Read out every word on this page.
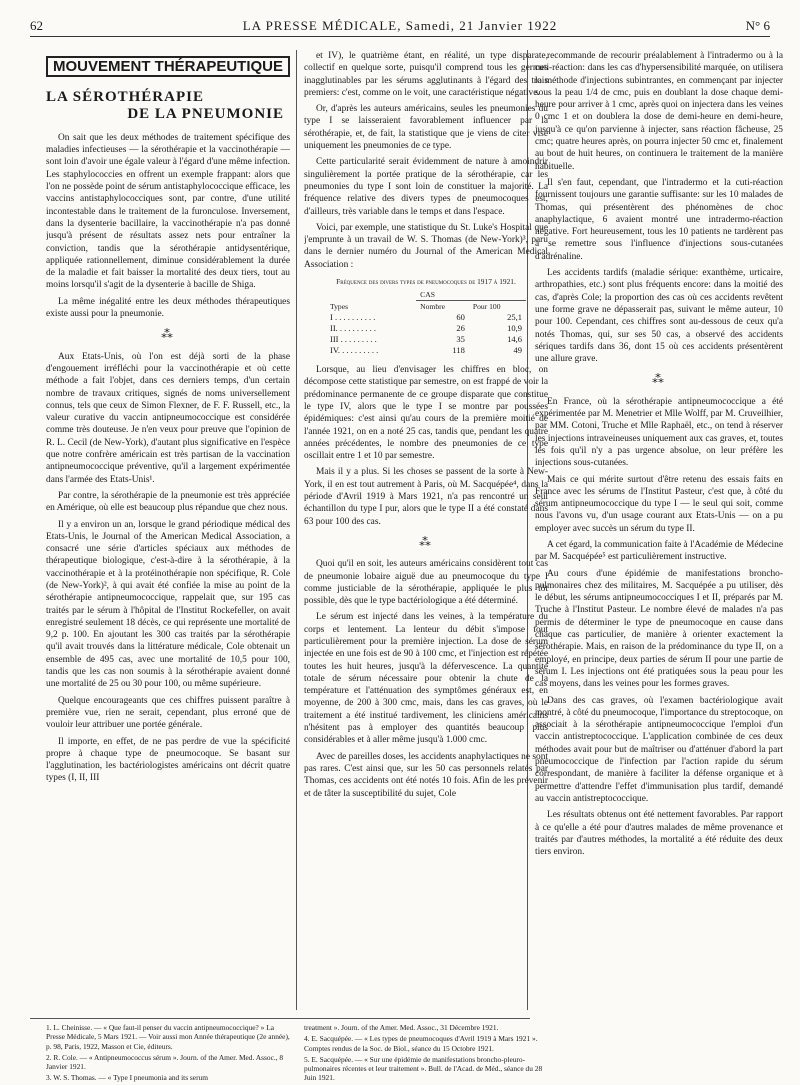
62	LA PRESSE MÉDICALE, Samedi, 21 Janvier 1922	N° 6
MOUVEMENT THÉRAPEUTIQUE
LA SÉROTHÉRAPIE
DE LA PNEUMONIE

On sait que les deux méthodes de traitement spécifique des maladies infectieuses — la sérothérapie et la vaccinothérapie — sont loin d'avoir une égale valeur à l'égard d'une même infection. Les staphylococcies en offrent un exemple frappant: alors que l'on ne possède point de sérum antistaphylococcique efficace, les vaccins antistaphylococciques sont, par contre, d'une utilité incontestable dans le traitement de la furonculose. Inversement, dans la dysenterie bacillaire, la vaccinothérapie n'a pas donné jusqu'à présent de résultats assez nets pour entraîner la conviction, tandis que la sérothérapie antidysentérique, appliquée rationnellement, diminue considérablement la durée de la maladie et fait baisser la mortalité des deux tiers, tout au moins lorsqu'il s'agit de la dysenterie à bacille de Shiga.

La même inégalité entre les deux méthodes thérapeutiques existe aussi pour la pneumonie.

⁂

Aux Etats-Unis, où l'on est déjà sorti de la phase d'engouement irréfléchi pour la vaccinothérapie et où cette méthode a fait l'objet, dans ces derniers temps, d'un certain nombre de travaux critiques, signés de noms universellement connus, tels que ceux de Simon Flexner, de F. F. Russell, etc., la valeur curative du vaccin antipneumococcique est considérée comme très douteuse. Je n'en veux pour preuve que l'opinion de R. L. Cecil (de New-York), d'autant plus significative en l'espèce que notre confrère américain est très partisan de la vaccination antipneumococcique préventive, qu'il a largement expérimentée dans l'armée des Etats-Unis¹.

Par contre, la sérothérapie de la pneumonie est très appréciée en Amérique, où elle est beaucoup plus répandue que chez nous.

Il y a environ un an, lorsque le grand périodique médical des Etats-Unis, le Journal of the American Medical Association, a consacré une série d'articles spéciaux aux méthodes de thérapeutique biologique, c'est-à-dire à la sérothérapie, à la vaccinothérapie et à la protéinothérapie non spécifique, R. Cole (de New-York)², à qui avait été confiée la mise au point de la sérothérapie antipneumococcique, rappelait que, sur 195 cas traités par le sérum à l'hôpital de l'Institut Rockefeller, on avait enregistré seulement 18 décès, ce qui représente une mortalité de 9,2 p. 100. En ajoutant les 300 cas traités par la sérothérapie qu'il avait trouvés dans la littérature médicale, Cole obtenait un ensemble de 495 cas, avec une mortalité de 10,5 pour 100, tandis que les cas non soumis à la sérothérapie avaient donné une mortalité de 25 ou 30 pour 100, ou même supérieure.

Quelque encourageants que ces chiffres puissent paraître à première vue, rien ne serait, cependant, plus erroné que de vouloir leur attribuer une portée générale.

Il importe, en effet, de ne pas perdre de vue la spécificité propre à chaque type de pneumocoque. Se basant sur l'agglutination, les bactériologistes américains ont décrit quatre types (I, II, III

et IV), le quatrième étant, en réalité, un type disparate, collectif en quelque sorte, puisqu'il comprend tous les germes inagglutinables par les sérums agglutinants à l'égard des trois premiers: c'est, comme on le voit, une caractéristique négative.

Or, d'après les auteurs américains, seules les pneumonies du type I se laisseraient favorablement influencer par la sérothérapie, et, de fait, la statistique que je viens de citer vise uniquement les pneumonies de ce type.

Cette particularité serait évidemment de nature à amoindrir singulièrement la portée pratique de la sérothérapie, car les pneumonies du type I sont loin de constituer la majorité. La fréquence relative des divers types de pneumocoques est, d'ailleurs, très variable dans le temps et dans l'espace.

Voici, par exemple, une statistique du St. Luke's Hospital que j'emprunte à un travail de W. S. Thomas (de New-York)³, paru dans le dernier numéro du Journal of the American Medical Association :

Fréquence des divers types de pneumocoques de 1917 à 1921.
	CAS	
Types	Nombre	Pour 100
I . . . . . . . . . .	60	25,1
II. . . . . . . . . .	26	10,9
III . . . . . . . . .	35	14,6
IV. . . . . . . . . .	118	49

Lorsque, au lieu d'envisager les chiffres en bloc, on décompose cette statistique par semestre, on est frappé de voir la prédominance permanente de ce groupe disparate que constitue le type IV, alors que le type I se montre par poussées épidémiques: c'est ainsi qu'au cours de la première moitié de l'année 1921, on en a noté 25 cas, tandis que, pendant les quatre années précédentes, le nombre des pneumonies de ce type oscillait entre 1 et 10 par semestre.

Mais il y a plus. Si les choses se passent de la sorte à New-York, il en est tout autrement à Paris, où M. Sacquépée⁴, dans la période d'Avril 1919 à Mars 1921, n'a pas rencontré un seul échantillon du type I pur, alors que le type II a été constaté dans 63 pour 100 des cas.

⁂

Quoi qu'il en soit, les auteurs américains considèrent tout cas de pneumonie lobaire aiguë due au pneumocoque du type I comme justiciable de la sérothérapie, appliquée le plus tôt possible, dès que le type bactériologique a été déterminé.

Le sérum est injecté dans les veines, à la température du corps et lentement. La lenteur du débit s'impose tout particulièrement pour la première injection. La dose de sérum injectée en une fois est de 90 à 100 cmc, et l'injection est répétée toutes les huit heures, jusqu'à la défervescence. La quantité totale de sérum nécessaire pour obtenir la chute de la température et l'atténuation des symptômes généraux est, en moyenne, de 200 à 300 cmc, mais, dans les cas graves, où le traitement a été institué tardivement, les cliniciens américains n'hésitent pas à employer des quantités beaucoup plus considérables et à aller même jusqu'à 1.000 cmc.

Avec de pareilles doses, les accidents anaphylactiques ne sont pas rares. C'est ainsi que, sur les 50 cas personnels relatés par Thomas, ces accidents ont été notés 10 fois. Afin de les prévenir et de tâter la susceptibilité du sujet, Cole

recommande de recourir préalablement à l'intradermo ou à la cuti-réaction: dans les cas d'hypersensibilité marquée, on utilisera la méthode d'injections subintrantes, en commençant par injecter sous la peau 1/4 de cmc, puis en doublant la dose chaque demi-heure pour arriver à 1 cmc, après quoi on injectera dans les veines 0 cmc 1 et on doublera la dose de demi-heure en demi-heure, jusqu'à ce qu'on parvienne à injecter, sans réaction fâcheuse, 25 cmc; quatre heures après, on pourra injecter 50 cmc et, finalement au bout de huit heures, on continuera le traitement de la manière habituelle.

Il s'en faut, cependant, que l'intradermo et la cuti-réaction fournissent toujours une garantie suffisante: sur les 10 malades de Thomas, qui présentèrent des phénomènes de choc anaphylactique, 6 avaient montré une intradermo-réaction négative. Fort heureusement, tous les 10 patients ne tardèrent pas à se remettre sous l'influence d'injections sous-cutanées d'adrénaline.

Les accidents tardifs (maladie sérique: exanthème, urticaire, arthropathies, etc.) sont plus fréquents encore: dans la moitié des cas, d'après Cole; la proportion des cas où ces accidents revêtent une forme grave ne dépasserait pas, suivant le même auteur, 10 pour 100. Cependant, ces chiffres sont au-dessous de ceux qu'a notés Thomas, qui, sur ses 50 cas, a observé des accidents sériques tardifs dans 36, dont 15 où ces accidents présentèrent une allure grave.

⁂

En France, où la sérothérapie antipneumococcique a été expérimentée par M. Menetrier et Mlle Wolff, par M. Cruveilhier, par MM. Cotoni, Truche et Mlle Raphaël, etc., on tend à réserver les injections intraveineuses uniquement aux cas graves, et, toutes les fois qu'il n'y a pas urgence absolue, on leur préfère les injections sous-cutanées.

Mais ce qui mérite surtout d'être retenu des essais faits en France avec les sérums de l'Institut Pasteur, c'est que, à côté du sérum antipneumococcique du type I — le seul qui soit, comme nous l'avons vu, d'un usage courant aux Etats-Unis — on a pu employer avec succès un sérum du type II.

A cet égard, la communication faite à l'Académie de Médecine par M. Sacquépée⁵ est particulièrement instructive.

Au cours d'une épidémie de manifestations broncho-pulmonaires chez des militaires, M. Sacquépée a pu utiliser, dès le début, les sérums antipneumococciques I et II, préparés par M. Truche à l'Institut Pasteur. Le nombre élevé de malades n'a pas permis de déterminer le type de pneumocoque en cause dans chaque cas particulier, de manière à orienter exactement la sérothérapie. Mais, en raison de la prédominance du type II, on a employé, en principe, deux parties de sérum II pour une partie de sérum I. Les injections ont été pratiquées sous la peau pour les cas moyens, dans les veines pour les formes graves.

Dans des cas graves, où l'examen bactériologique avait montré, à côté du pneumocoque, l'importance du streptocoque, on associait à la sérothérapie antipneumococcique l'emploi d'un vaccin antistreptococcique. L'application combinée de ces deux méthodes avait pour but de maîtriser ou d'atténuer d'abord la part pneumococcique de l'infection par l'action rapide du sérum correspondant, de manière à faciliter la défense organique et à permettre d'attendre l'effet d'immunisation plus tardif, demandé au vaccin antistreptococcique.

Les résultats obtenus ont été nettement favorables. Par rapport à ce qu'elle a été pour d'autres malades de même provenance et traités par d'autres méthodes, la mortalité a été réduite des deux tiers environ.

1. L. Cheinisse. — « Que faut-il penser du vaccin antipneumococcique? » La Presse Médicale, 5 Mars 1921. — Voir aussi mon Année thérapeutique (2e année), p. 98, Paris, 1922, Masson et Cie, éditeurs.

2. R. Cole. — « Antipneumococcus sérum ». Journ. of the Amer. Med. Assoc., 8 Janvier 1921.

3. W. S. Thomas. — « Type I pneumonia and its serum

treatment ». Journ. of the Amer. Med. Assoc., 31 Décembre 1921.

4. E. Sacquépée. — « Les types de pneumocoques d'Avril 1919 à Mars 1921 ». Comptes rendus de la Soc. de Biol., séance du 15 Octobre 1921.

5. E. Sacquépée. — « Sur une épidémie de manifestations broncho-pleuro-pulmonaires récentes et leur traitement ». Bull. de l'Acad. de Méd., séance du 28 Juin 1921.
